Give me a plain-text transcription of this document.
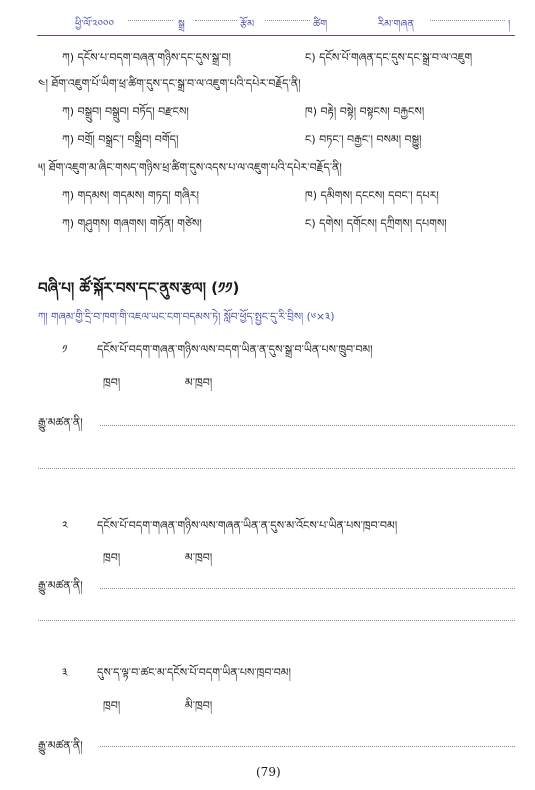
ཕྱི་ལོ་༢༠༠༠	སྒྲ	རྩོམ	ཚིག	རིམ་གཞན	།
ཀ) དངོས་པ་བདག་བཞན་གཉིས་དང་དུས་སྒྲ་བ།	ང) དངོས་པོ་གཞན་དང་དུས་དང་སྒྲ་བ་ལ་འཇུག
༤། ཐོག་འཇུག་པོ་ཡིག་ཕྲ་ཚིག་དུས་དང་སྒྲ་བ་ལ་འཇུག་པའི་དཔེར་བརྗོད་ནི།
ཀ) བསྒྲུབ། བསྒྲུབ། བཏོད། བརྫངས།	ཁ) བརྟེ། བསྟེ། བསྟངས། བརྐྱངས།
ཀ) བགྲོ། བསྒྲང་། བསྒྲིབ། བགོད།	ང) བཏང་། བརྒྱང་། བསམ། བསྒྱུ།
༥། ཐོག་འཇུག་མ་ཞིང་གསད་གཉིས་ཕྲ་ཚིག་དུས་འདས་པ་ལ་འཇུག་པའི་དཔེར་བརྗོད་ནི།
ཀ) གདམས། གདམས། གཏད། གཞིར།	ཁ) དམིགས། དངངས། དབང་། དཔར།
ཀ) གཤུགས། གཞགས། གཏོན། གཙེས།	ང) དགེས། དགོངས། དཀྲིགས། དཔགས།
བཞི་པ། ཚོ་སྐོར་བས་དང་ནུས་རྩལ། (༡༡)
ཀ། གཞམ་གྱི་དྲི་བ་ཁག་གི་འཇལ་ཡང་ངག་བདམས་ཏེ། སློབ་ཕྱོད་སྤྱང་དུ་རི་བྲིས། (༦×༣)
༡	དངོས་པོ་བདག་གཞན་གཉིས་ལས་བདག་ཡིན་ན་དུས་སྒྲ་བ་ཡིན་པས་ཁྲུབ་བམ།
ཁྲབ།	མ་ཁྲབ།
རྒྱུ་མཚན་ནི།
༢	དངོས་པོ་བདག་གཞན་གཉིས་ལས་གཞན་ཡིན་ན་དུས་མ་འོངས་པ་ཡིན་པས་ཁྲབ་བམ།
ཁྲབ།	མ་ཁྲབ།
རྒྱུ་མཚན་ནི།
༣	དུས་ད་ལྟ་བ་ཚང་མ་དངོས་པོ་བདག་ཡིན་པས་ཁྲབ་བམ།
ཁྲབ།	མི་ཁྲབ།
རྒྱུ་མཚན་ནི།
(79)
